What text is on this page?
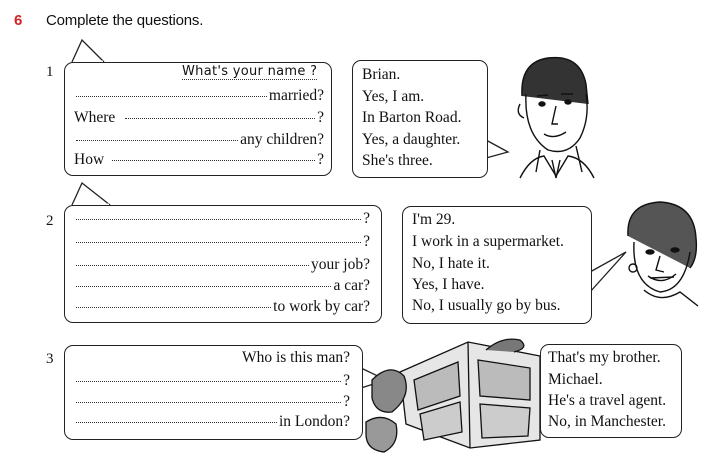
6 Complete the questions.
1	What's your name ?
married?
Where	?
any children?
How	?
Brian.
Yes, I am.
In Barton Road.
Yes, a daughter.
She's three.
2	?
?
your job?
a car?
to work by car?
I'm 29.
I work in a supermarket.
No, I hate it.
Yes, I have.
No, I usually go by bus.
3	Who is this man?
?
?
in London?
That's my brother.
Michael.
He's a travel agent.
No, in Manchester.
